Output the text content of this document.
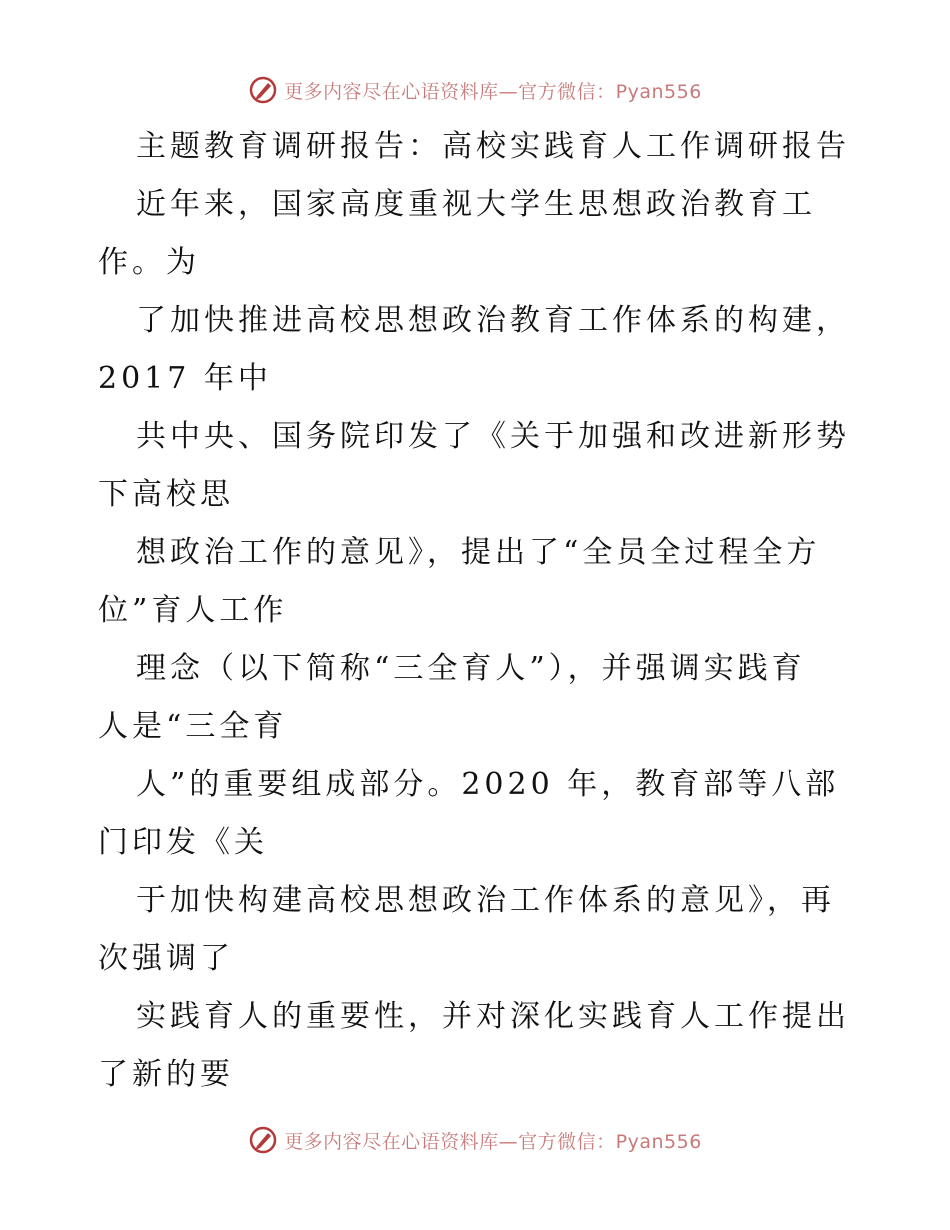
更多内容尽在心语资料库—官方微信：Pyan556
主题教育调研报告：高校实践育人工作调研报告
近年来，国家高度重视大学生思想政治教育工
作。为
了加快推进高校思想政治教育工作体系的构建，
2017 年中
共中央、国务院印发了《关于加强和改进新形势
下高校思
想政治工作的意见》，提出了“全员全过程全方
位”育人工作
理念（以下简称“三全育人”），并强调实践育
人是“三全育
人”的重要组成部分。2020 年，教育部等八部
门印发《关
于加快构建高校思想政治工作体系的意见》，再
次强调了
实践育人的重要性，并对深化实践育人工作提出
了新的要
更多内容尽在心语资料库—官方微信：Pyan556
